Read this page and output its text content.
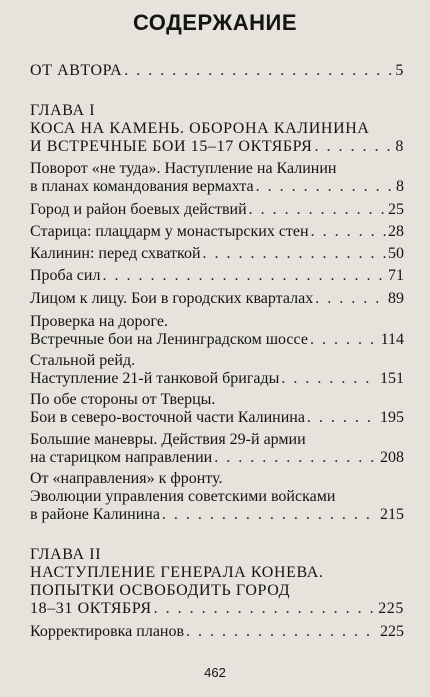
СОДЕРЖАНИЕ
ОТ АВТОРА . . .	5
ГЛАВА I
КОСА НА КАМЕНЬ. ОБОРОНА КАЛИНИНА
И ВСТРЕЧНЫЕ БОИ 15–17 ОКТЯБРЯ . . .	8
Поворот «не туда». Наступление на Калинин
в планах командования вермахта . . .	8
Город и район боевых действий . . .	25
Старица: плацдарм у монастырских стен . . .	28
Калинин: перед схваткой . . .	50
Проба сил . . .	71
Лицом к лицу. Бои в городских кварталах . . .	89
Проверка на дороге.
Встречные бои на Ленинградском шоссе . . .	114
Стальной рейд.
Наступление 21-й танковой бригады . . .	151
По обе стороны от Тверцы.
Бои в северо-восточной части Калинина . . .	195
Большие маневры. Действия 29-й армии
на старицком направлении . . .	208
От «направления» к фронту.
Эволюции управления советскими войсками
в районе Калинина . . .	215
ГЛАВА II
НАСТУПЛЕНИЕ ГЕНЕРАЛА КОНЕВА.
ПОПЫТКИ ОСВОБОДИТЬ ГОРОД
18–31 ОКТЯБРЯ . . .	225
Корректировка планов . . .	225
462
